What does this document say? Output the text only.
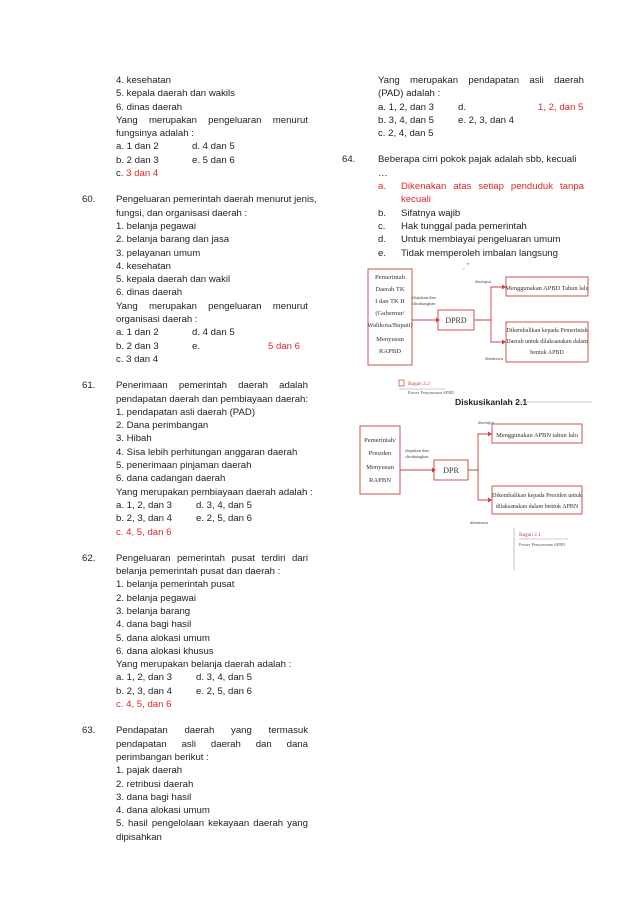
4. kesehatan
5. kepala daerah dan wakils
6. dinas daerah
Yang merupakan pengeluaran menurut
fungsinya adalah :
a. 1 dan 2	d. 4 dan 5
b. 2 dan 3	e. 5 dan 6
c. 3 dan 4
60. Pengeluaran pemerintah daerah menurut jenis,
fungsi, dan organisasi daerah :
1. belanja pegawai
2. belanja barang dan jasa
3. pelayanan umum
4. kesehatan
5. kepala daerah dan wakil
6. dinas daerah
Yang merupakan pengeluaran menurut
organisasi daerah :
a. 1 dan 2	d. 4 dan 5
b. 2 dan 3	e.	5 dan 6
c. 3 dan 4
61. Penerimaan pemerintah daerah adalah
pendapatan daerah dan pembiayaan daerah:
1. pendapatan asli daerah (PAD)
2. Dana perimbangan
3. Hibah
4. Sisa lebih perhitungan anggaran daerah
5. penerimaan pinjaman daerah
6. dana cadangan daerah
Yang merupakan pembiayaan daerah adalah :
a. 1, 2, dan 3	d. 3, 4, dan 5
b. 2, 3, dan 4	e. 2, 5, dan 6
c. 4, 5, dan 6
62. Pengeluaran pemerintah pusat terdiri dari
belanja pemerintah pusat dan daerah :
1. belanja pemerintah pusat
2. belanja pegawai
3. belanja barang
4. dana bagi hasil
5. dana alokasi umum
6. dana alokasi khusus
Yang merupakan belanja daerah adalah :
a. 1, 2, dan 3	d. 3, 4, dan 5
b. 2, 3, dan 4	e. 2, 5, dan 6
c. 4, 5, dan 6
63. Pendapatan daerah yang termasuk
pendapatan asli daerah dan dana
perimbangan berikut :
1. pajak daerah
2. retribusi daerah
3. dana bagi hasil
4. dana alokasi umum
5. hasil pengelolaan kekayaan daerah yang
dipisahkan
Yang merupakan pendapatan asli daerah
(PAD) adalah :
a. 1, 2, dan 3	d.	1, 2, dan 5
b. 3, 4, dan 5	e. 2, 3, dan 4
c. 2, 4, dan 5
64. Beberapa cirri pokok pajak adalah sbb, kecuali
…
a.	Dikenakan atas setiap penduduk tanpa kecuali
b.	Sifatnya wajib
c.	Hak tunggal pada pemerintah
d.	Untuk membiayai pengeluaran umum
e.	Tidak memperoleh imbalan langsung
‚ ‟
Pemerintah
Daerah TK
I dan TK II
(Gubernur/
Walikota/Bupati)
Menyusun
RAPBD
DPRD
Menggunakan APBD Tahun lalu
Dikembalikan kepada Pemerintah
Daerah untuk dilaksanakan dalam
bentuk APBD
diajukan dan
dirubungkan
disetujui
ditentawa
Bagan 2.2
Proses Penyusunan APBD
Diskusikanlah 2.1
Pemerintah/
Presiden
Menyusun
RAPBN
DPR
Menggunakan APBN tahun lalu
Dikembalikan kepada Presiden untuk
dilaksanakan dalam bentuk APBN
diajukan dan
dirubungkan
disetujui
ditentawa
Bagan 2.1
Proses Penyusunan APBN
